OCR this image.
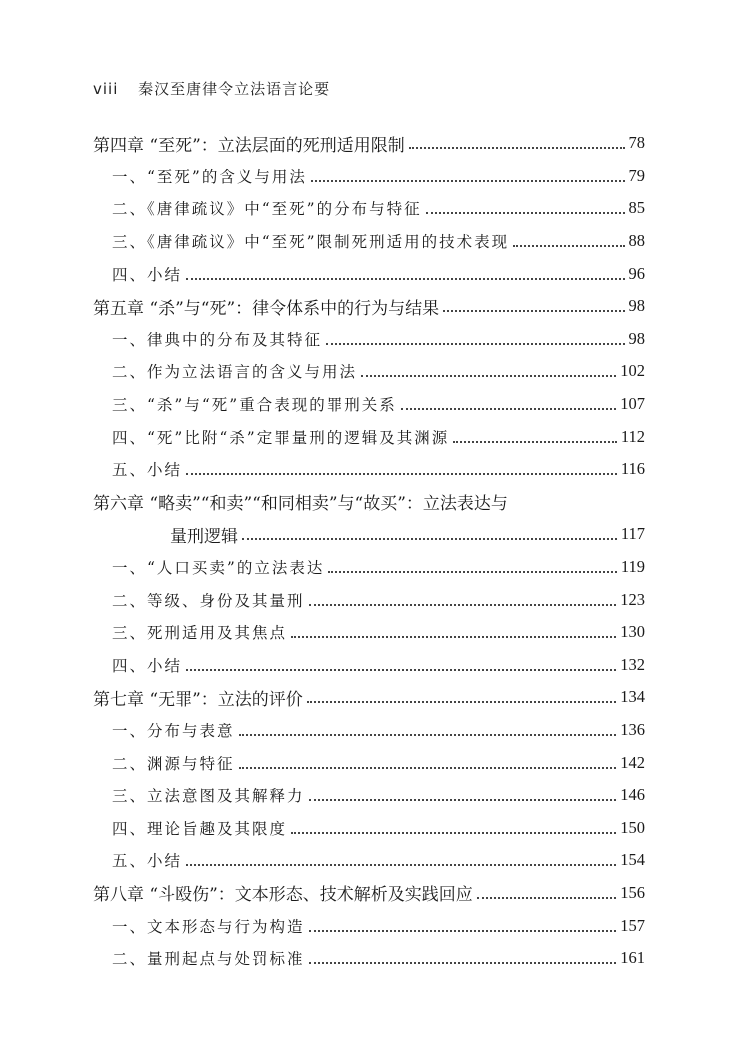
viii 秦汉至唐律令立法语言论要
第四章 “至死”：立法层面的死刑适用限制	78
一、“至死”的含义与用法	79
二、《唐律疏议》中“至死”的分布与特征	85
三、《唐律疏议》中“至死”限制死刑适用的技术表现	88
四、小结	96
第五章 “杀”与“死”：律令体系中的行为与结果	98
一、律典中的分布及其特征	98
二、作为立法语言的含义与用法	102
三、“杀”与“死”重合表现的罪刑关系	107
四、“死”比附“杀”定罪量刑的逻辑及其渊源	112
五、小结	116
第六章 “略卖”“和卖”“和同相卖”与“故买”：立法表达与
量刑逻辑	117
一、“人口买卖”的立法表达	119
二、等级、身份及其量刑	123
三、死刑适用及其焦点	130
四、小结	132
第七章 “无罪”：立法的评价	134
一、分布与表意	136
二、渊源与特征	142
三、立法意图及其解释力	146
四、理论旨趣及其限度	150
五、小结	154
第八章 “斗殴伤”：文本形态、技术解析及实践回应	156
一、文本形态与行为构造	157
二、量刑起点与处罚标准	161
